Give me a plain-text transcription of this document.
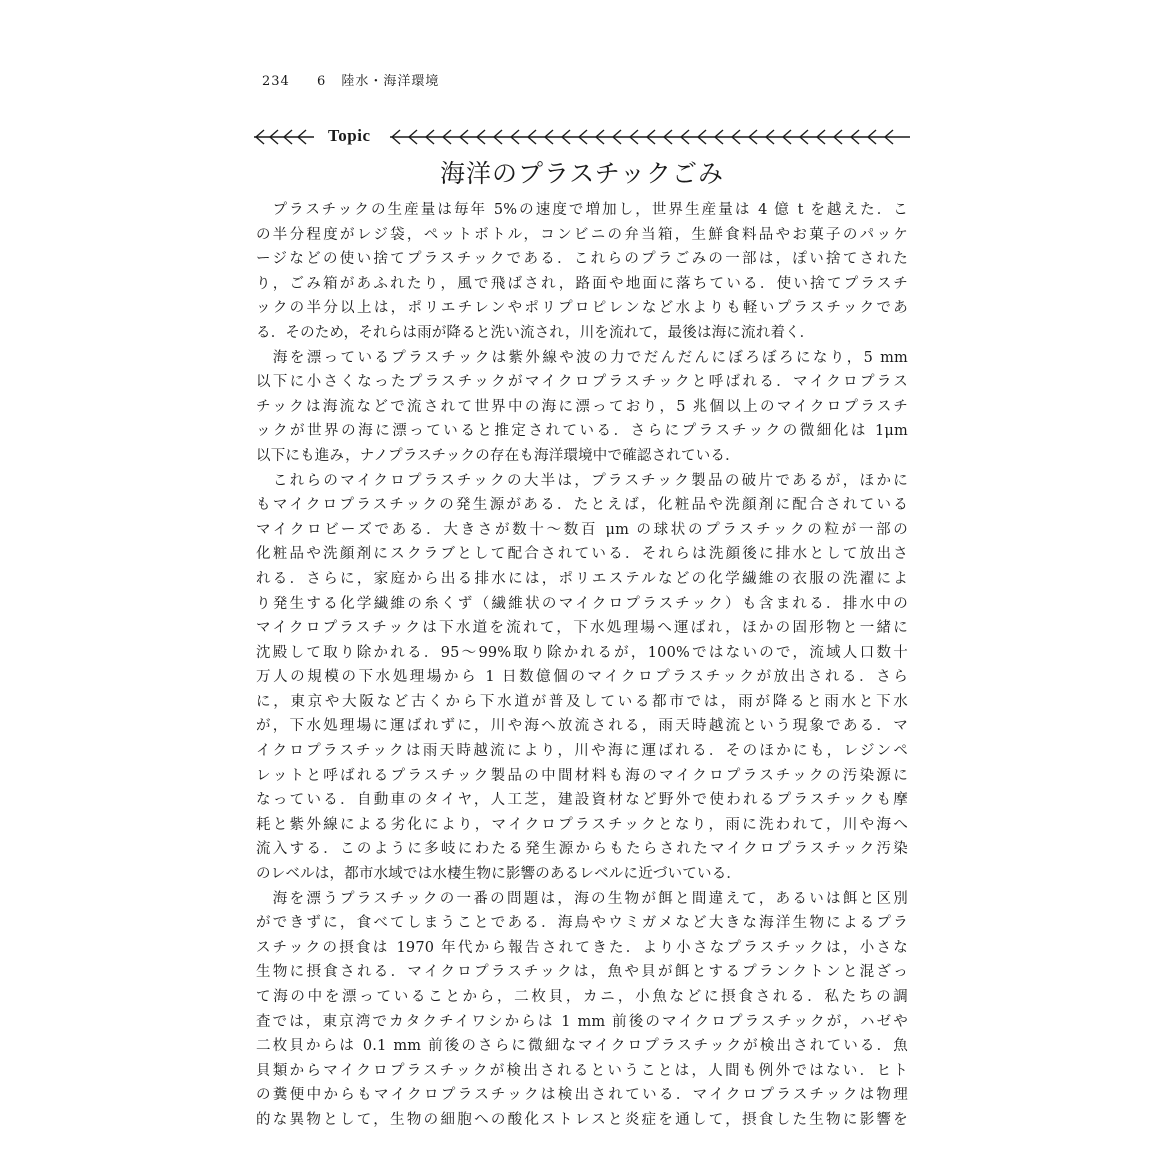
234 6 陸水・海洋環境
Topic
海洋のプラスチックごみ
　プラスチックの生産量は毎年 5%の速度で増加し，世界生産量は 4 億 t を越えた．こ
の半分程度がレジ袋，ペットボトル，コンビニの弁当箱，生鮮食料品やお菓子のパッケ
ージなどの使い捨てプラスチックである．これらのプラごみの一部は，ぽい捨てされた
り，ごみ箱があふれたり，風で飛ばされ，路面や地面に落ちている．使い捨てプラスチ
ックの半分以上は，ポリエチレンやポリプロピレンなど水よりも軽いプラスチックであ
る．そのため，それらは雨が降ると洗い流され，川を流れて，最後は海に流れ着く．
　海を漂っているプラスチックは紫外線や波の力でだんだんにぼろぼろになり，5 mm
以下に小さくなったプラスチックがマイクロプラスチックと呼ばれる．マイクロプラス
チックは海流などで流されて世界中の海に漂っており，5 兆個以上のマイクロプラスチ
ックが世界の海に漂っていると推定されている．さらにプラスチックの微細化は 1μm
以下にも進み，ナノプラスチックの存在も海洋環境中で確認されている．
　これらのマイクロプラスチックの大半は，プラスチック製品の破片であるが，ほかに
もマイクロプラスチックの発生源がある．たとえば，化粧品や洗顔剤に配合されている
マイクロビーズである．大きさが数十～数百 μm の球状のプラスチックの粒が一部の
化粧品や洗顔剤にスクラブとして配合されている．それらは洗顔後に排水として放出さ
れる．さらに，家庭から出る排水には，ポリエステルなどの化学繊維の衣服の洗濯によ
り発生する化学繊維の糸くず（繊維状のマイクロプラスチック）も含まれる．排水中の
マイクロプラスチックは下水道を流れて，下水処理場へ運ばれ，ほかの固形物と一緒に
沈殿して取り除かれる．95～99%取り除かれるが，100%ではないので，流域人口数十
万人の規模の下水処理場から 1 日数億個のマイクロプラスチックが放出される．さら
に，東京や大阪など古くから下水道が普及している都市では，雨が降ると雨水と下水
が，下水処理場に運ばれずに，川や海へ放流される，雨天時越流という現象である．マ
イクロプラスチックは雨天時越流により，川や海に運ばれる．そのほかにも，レジンペ
レットと呼ばれるプラスチック製品の中間材料も海のマイクロプラスチックの汚染源に
なっている．自動車のタイヤ，人工芝，建設資材など野外で使われるプラスチックも摩
耗と紫外線による劣化により，マイクロプラスチックとなり，雨に洗われて，川や海へ
流入する．このように多岐にわたる発生源からもたらされたマイクロプラスチック汚染
のレベルは，都市水域では水棲生物に影響のあるレベルに近づいている．
　海を漂うプラスチックの一番の問題は，海の生物が餌と間違えて，あるいは餌と区別
ができずに，食べてしまうことである．海鳥やウミガメなど大きな海洋生物によるプラ
スチックの摂食は 1970 年代から報告されてきた．より小さなプラスチックは，小さな
生物に摂食される．マイクロプラスチックは，魚や貝が餌とするプランクトンと混ざっ
て海の中を漂っていることから，二枚貝，カニ，小魚などに摂食される．私たちの調
査では，東京湾でカタクチイワシからは 1 mm 前後のマイクロプラスチックが，ハゼや
二枚貝からは 0.1 mm 前後のさらに微細なマイクロプラスチックが検出されている．魚
貝類からマイクロプラスチックが検出されるということは，人間も例外ではない．ヒト
の糞便中からもマイクロプラスチックは検出されている．マイクロプラスチックは物理
的な異物として，生物の細胞への酸化ストレスと炎症を通して，摂食した生物に影響を
